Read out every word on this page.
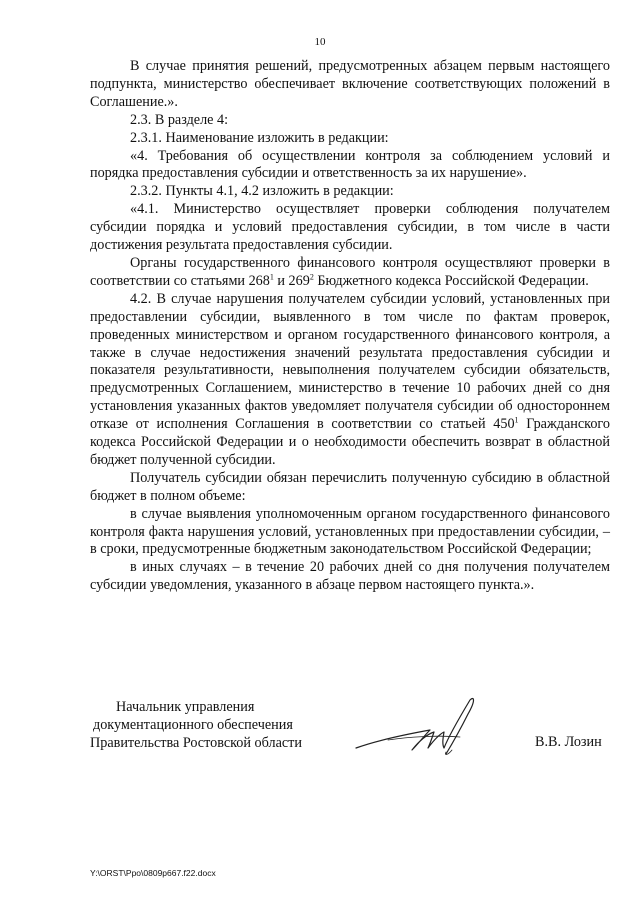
10

В случае принятия решений, предусмотренных абзацем первым настоящего подпункта, министерство обеспечивает включение соответствующих положений в Соглашение.».

2.3. В разделе 4:

2.3.1. Наименование изложить в редакции:

«4. Требования об осуществлении контроля за соблюдением условий и порядка предоставления субсидии и ответственность за их нарушение».

2.3.2. Пункты 4.1, 4.2 изложить в редакции:

«4.1. Министерство осуществляет проверки соблюдения получателем субсидии порядка и условий предоставления субсидии, в том числе в части достижения результата предоставления субсидии.

Органы государственного финансового контроля осуществляют проверки в соответствии со статьями $268^1$ и $269^2$ Бюджетного кодекса Российской Федерации.

4.2. В случае нарушения получателем субсидии условий, установленных при предоставлении субсидии, выявленного в том числе по фактам проверок, проведенных министерством и органом государственного финансового контроля, а также в случае недостижения значений результата предоставления субсидии и показателя результативности, невыполнения получателем субсидии обязательств, предусмотренных Соглашением, министерство в течение 10 рабочих дней со дня установления указанных фактов уведомляет получателя субсидии об одностороннем отказе от исполнения Соглашения в соответствии со статьей $450^1$ Гражданского кодекса Российской Федерации и о необходимости обеспечить возврат в областной бюджет полученной субсидии.

Получатель субсидии обязан перечислить полученную субсидию в областной бюджет в полном объеме:

в случае выявления уполномоченным органом государственного финансового контроля факта нарушения условий, установленных при предоставлении субсидии, – в сроки, предусмотренные бюджетным законодательством Российской Федерации;

в иных случаях – в течение 20 рабочих дней со дня получения получателем субсидии уведомления, указанного в абзаце первом настоящего пункта.».

Начальник управления
документационного обеспечения
Правительства Ростовской области	В.В. Лозин
Y:\ORST\Ppo\0809p667.f22.docx
